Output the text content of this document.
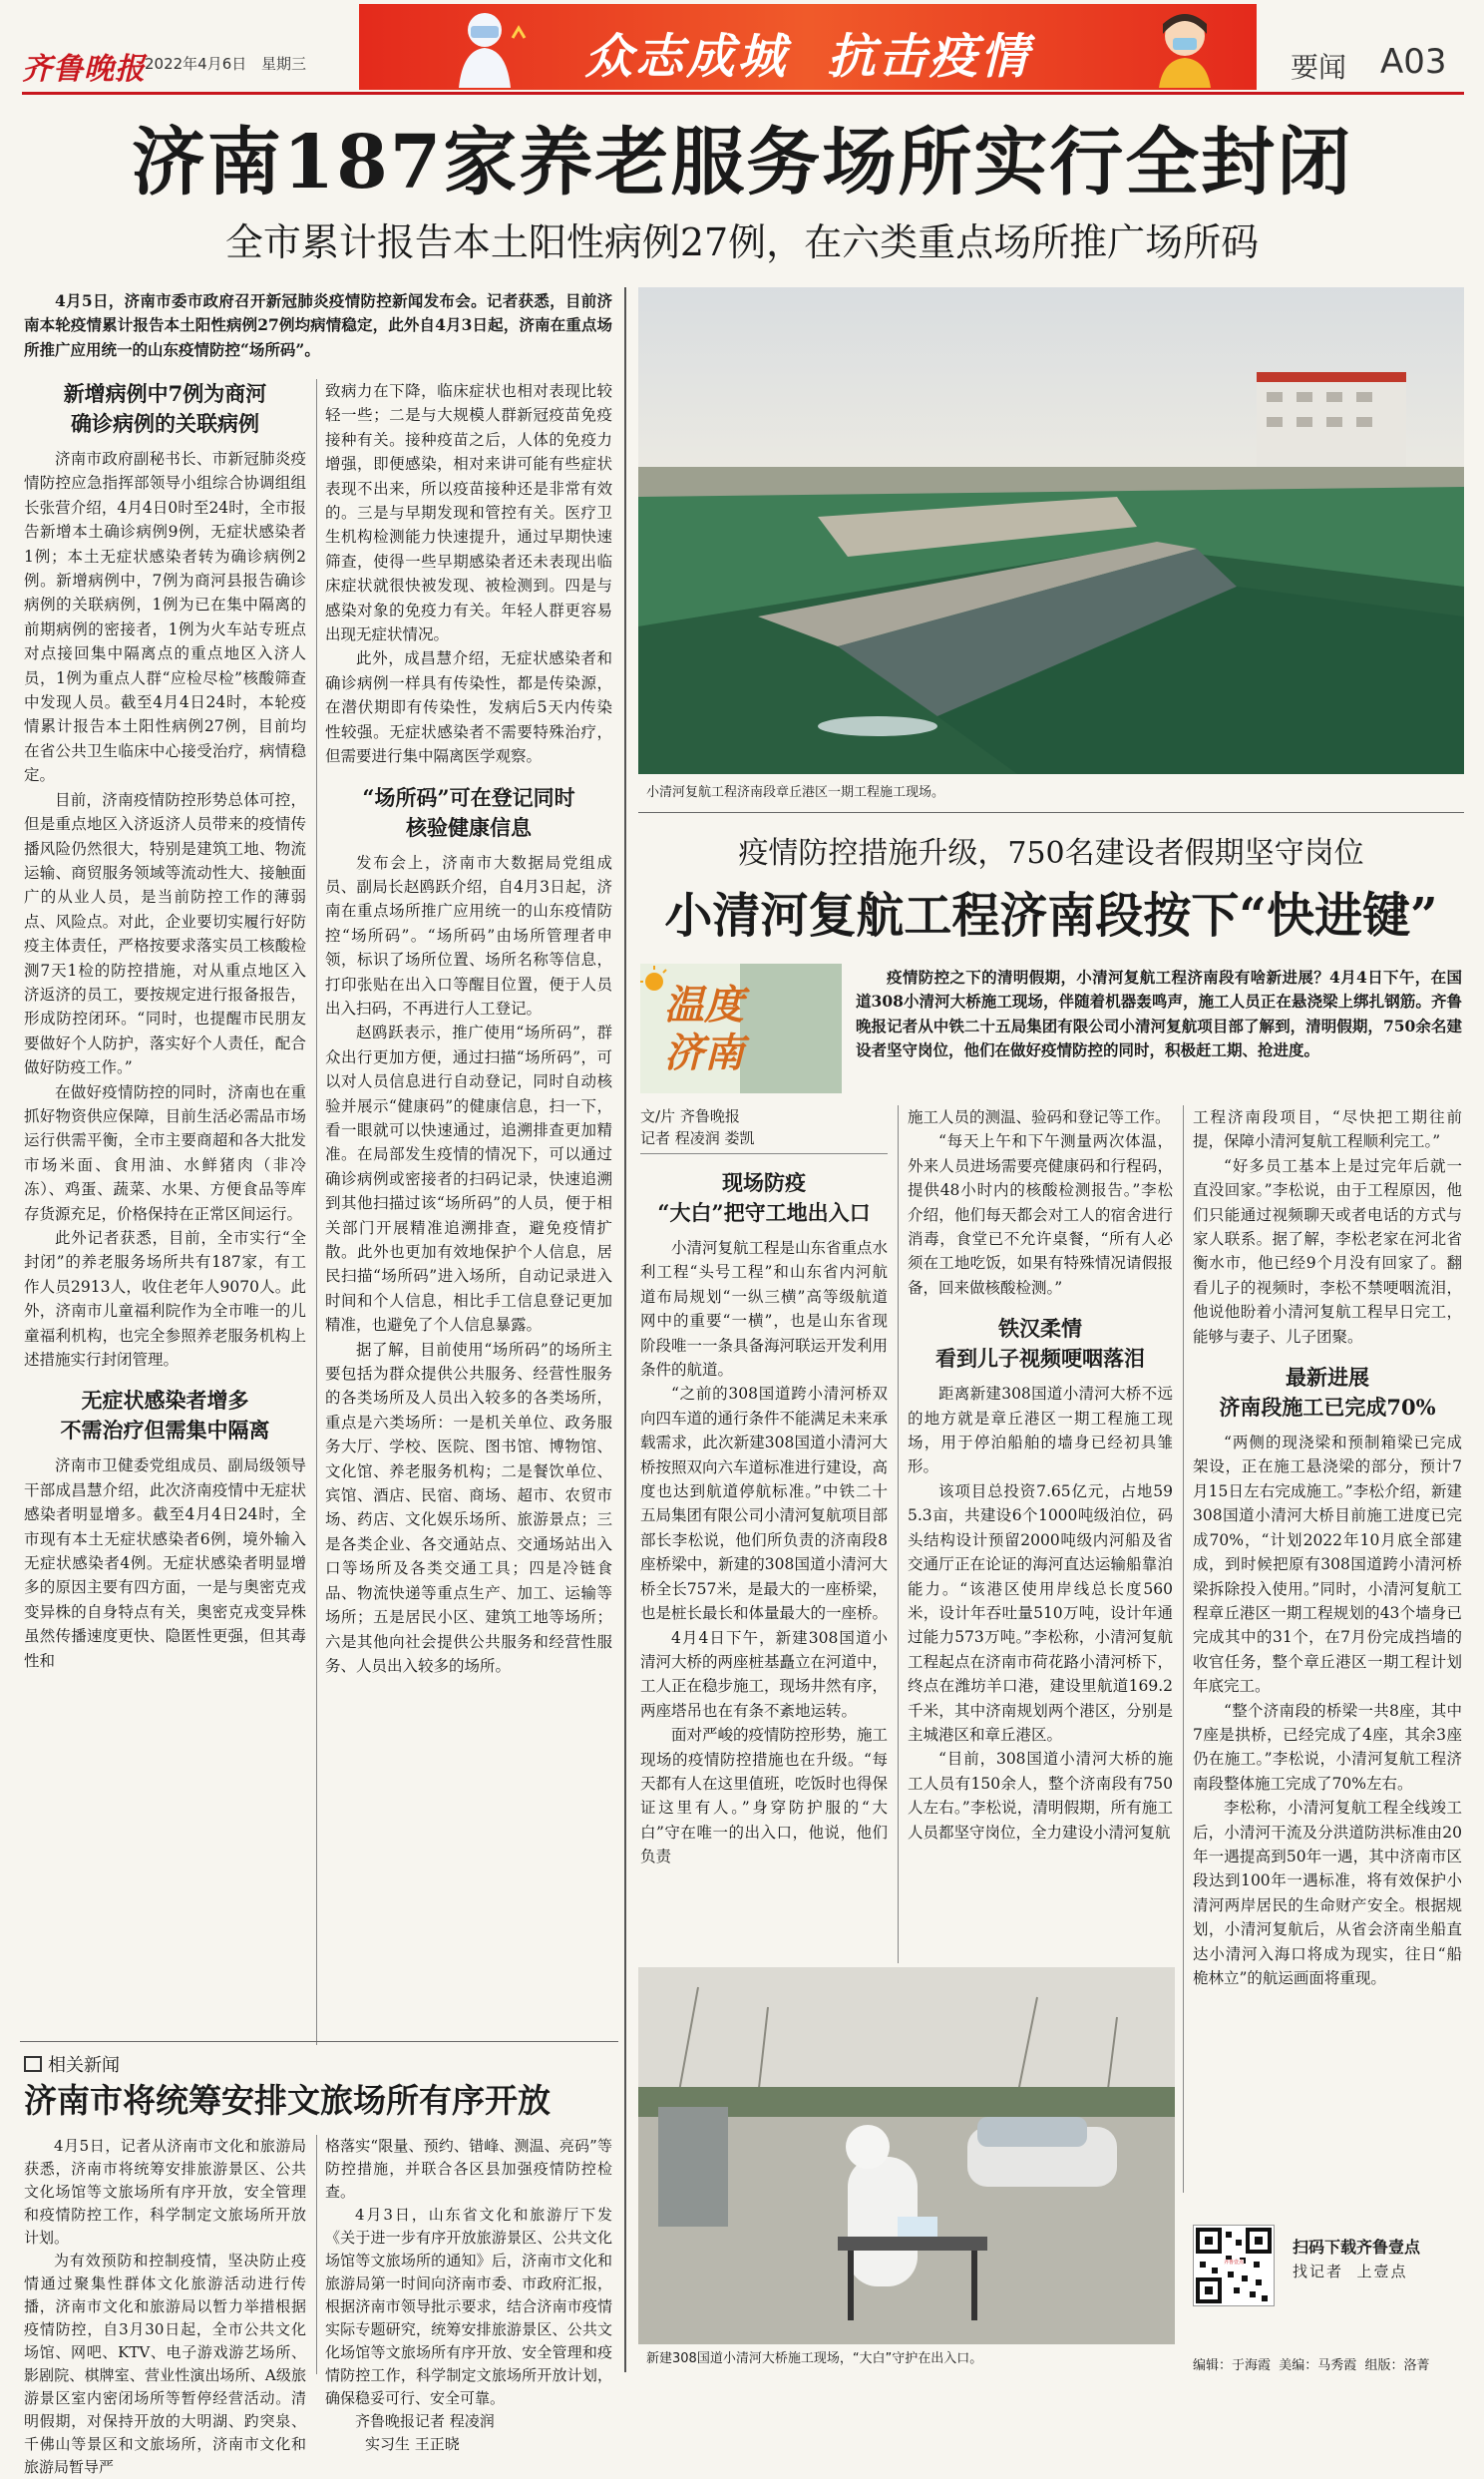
齐鲁晚报 2022年4月6日 星期三	众志成城  抗击疫情	要闻 A03
济南187家养老服务场所实行全封闭
全市累计报告本土阳性病例27例，在六类重点场所推广场所码

4月5日，济南市委市政府召开新冠肺炎疫情防控新闻发布会。记者获悉，目前济南本轮疫情累计报告本土阳性病例27例均病情稳定，此外自4月3日起，济南在重点场所推广应用统一的山东疫情防控“场所码”。

新增病例中7例为商河
确诊病例的关联病例

济南市政府副秘书长、市新冠肺炎疫情防控应急指挥部领导小组综合协调组组长张营介绍，4月4日0时至24时，全市报告新增本土确诊病例9例，无症状感染者1例；本土无症状感染者转为确诊病例2例。新增病例中，7例为商河县报告确诊病例的关联病例，1例为已在集中隔离的前期病例的密接者，1例为火车站专班点对点接回集中隔离点的重点地区入济人员，1例为重点人群“应检尽检”核酸筛查中发现人员。截至4月4日24时，本轮疫情累计报告本土阳性病例27例，目前均在省公共卫生临床中心接受治疗，病情稳定。

目前，济南疫情防控形势总体可控，但是重点地区入济返济人员带来的疫情传播风险仍然很大，特别是建筑工地、物流运输、商贸服务领域等流动性大、接触面广的从业人员，是当前防控工作的薄弱点、风险点。对此，企业要切实履行好防疫主体责任，严格按要求落实员工核酸检测7天1检的防控措施，对从重点地区入济返济的员工，要按规定进行报备报告，形成防控闭环。“同时，也提醒市民朋友要做好个人防护，落实好个人责任，配合做好防疫工作。”

在做好疫情防控的同时，济南也在重抓好物资供应保障，目前生活必需品市场运行供需平衡，全市主要商超和各大批发市场米面、食用油、水鲜猪肉（非冷冻）、鸡蛋、蔬菜、水果、方便食品等库存货源充足，价格保持在正常区间运行。

此外记者获悉，目前，全市实行“全封闭”的养老服务场所共有187家，有工作人员2913人，收住老年人9070人。此外，济南市儿童福利院作为全市唯一的儿童福利机构，也完全参照养老服务机构上述措施实行封闭管理。

无症状感染者增多
不需治疗但需集中隔离

济南市卫健委党组成员、副局级领导干部成昌慧介绍，此次济南疫情中无症状感染者明显增多。截至4月4日24时，全市现有本土无症状感染者6例，境外输入无症状感染者4例。无症状感染者明显增多的原因主要有四方面，一是与奥密克戎变异株的自身特点有关，奥密克戎变异株虽然传播速度更快、隐匿性更强，但其毒性和

致病力在下降，临床症状也相对表现比较轻一些；二是与大规模人群新冠疫苗免疫接种有关。接种疫苗之后，人体的免疫力增强，即便感染，相对来讲可能有些症状表现不出来，所以疫苗接种还是非常有效的。三是与早期发现和管控有关。医疗卫生机构检测能力快速提升，通过早期快速筛查，使得一些早期感染者还未表现出临床症状就很快被发现、被检测到。四是与感染对象的免疫力有关。年轻人群更容易出现无症状情况。

此外，成昌慧介绍，无症状感染者和确诊病例一样具有传染性，都是传染源，在潜伏期即有传染性，发病后5天内传染性较强。无症状感染者不需要特殊治疗，但需要进行集中隔离医学观察。

“场所码”可在登记同时
核验健康信息

发布会上，济南市大数据局党组成员、副局长赵鸥跃介绍，自4月3日起，济南在重点场所推广应用统一的山东疫情防控“场所码”。“场所码”由场所管理者申领，标识了场所位置、场所名称等信息，打印张贴在出入口等醒目位置，便于人员出入扫码，不再进行人工登记。

赵鸥跃表示，推广使用“场所码”，群众出行更加方便，通过扫描“场所码”，可以对人员信息进行自动登记，同时自动核验并展示“健康码”的健康信息，扫一下，看一眼就可以快速通过，追溯排查更加精准。在局部发生疫情的情况下，可以通过确诊病例或密接者的扫码记录，快速追溯到其他扫描过该“场所码”的人员，便于相关部门开展精准追溯排查，避免疫情扩散。此外也更加有效地保护个人信息，居民扫描“场所码”进入场所，自动记录进入时间和个人信息，相比手工信息登记更加精准，也避免了个人信息暴露。

据了解，目前使用“场所码”的场所主要包括为群众提供公共服务、经营性服务的各类场所及人员出入较多的各类场所，重点是六类场所：一是机关单位、政务服务大厅、学校、医院、图书馆、博物馆、文化馆、养老服务机构；二是餐饮单位、宾馆、酒店、民宿、商场、超市、农贸市场、药店、文化娱乐场所、旅游景点；三是各类企业、各交通站点、交通场站出入口等场所及各类交通工具；四是冷链食品、物流快递等重点生产、加工、运输等场所；五是居民小区、建筑工地等场所；六是其他向社会提供公共服务和经营性服务、人员出入较多的场所。

相关新闻
济南市将统筹安排文旅场所有序开放

4月5日，记者从济南市文化和旅游局获悉，济南市将统筹安排旅游景区、公共文化场馆等文旅场所有序开放，安全管理和疫情防控工作，科学制定文旅场所开放计划。

为有效预防和控制疫情，坚决防止疫情通过聚集性群体文化旅游活动进行传播，济南市文化和旅游局以暂力举措根据疫情防控，自3月30日起，全市公共文化场馆、网吧、KTV、电子游戏游艺场所、影剧院、棋牌室、营业性演出场所、A级旅游景区室内密闭场所等暂停经营活动。清明假期，对保持开放的大明湖、趵突泉、千佛山等景区和文旅场所，济南市文化和旅游局暂导严

格落实“限量、预约、错峰、测温、亮码”等防控措施，并联合各区县加强疫情防控检查。

4月3日，山东省文化和旅游厅下发《关于进一步有序开放旅游景区、公共文化场馆等文旅场所的通知》后，济南市文化和旅游局第一时间向济南市委、市政府汇报，根据济南市领导批示要求，结合济南市疫情实际专题研究，统筹安排旅游景区、公共文化场馆等文旅场所有序开放、安全管理和疫情防控工作，科学制定文旅场所开放计划，确保稳妥可行、安全可靠。

齐鲁晚报记者 程凌润
实习生 王正晓
小清河复航工程济南段章丘港区一期工程施工现场。
疫情防控措施升级，750名建设者假期坚守岗位
小清河复航工程济南段按下“快进键”
温度济南

疫情防控之下的清明假期，小清河复航工程济南段有啥新进展？4月4日下午，在国道308小清河大桥施工现场，伴随着机器轰鸣声，施工人员正在悬浇梁上绑扎钢筋。齐鲁晚报记者从中铁二十五局集团有限公司小清河复航项目部了解到，清明假期，750余名建设者坚守岗位，他们在做好疫情防控的同时，积极赶工期、抢进度。

文/片 齐鲁晚报
记者 程凌润 娄凯
现场防疫
“大白”把守工地出入口

小清河复航工程是山东省重点水利工程“头号工程”和山东省内河航道布局规划“一纵三横”高等级航道网中的重要“一横”，也是山东省现阶段唯一一条具备海河联运开发利用条件的航道。

“之前的308国道跨小清河桥双向四车道的通行条件不能满足未来承载需求，此次新建308国道小清河大桥按照双向六车道标准进行建设，高度也达到航道停航标准。”中铁二十五局集团有限公司小清河复航项目部部长李松说，他们所负责的济南段8座桥梁中，新建的308国道小清河大桥全长757米，是最大的一座桥梁，也是桩长最长和体量最大的一座桥。

4月4日下午，新建308国道小清河大桥的两座桩基矗立在河道中，工人正在稳步施工，现场井然有序，两座塔吊也在有条不紊地运转。

面对严峻的疫情防控形势，施工现场的疫情防控措施也在升级。“每天都有人在这里值班，吃饭时也得保证这里有人。”身穿防护服的“大白”守在唯一的出入口，他说，他们负责

施工人员的测温、验码和登记等工作。

“每天上午和下午测量两次体温，外来人员进场需要亮健康码和行程码，提供48小时内的核酸检测报告。”李松介绍，他们每天都会对工人的宿舍进行消毒，食堂已不允许桌餐，“所有人必须在工地吃饭，如果有特殊情况请假报备，回来做核酸检测。”

铁汉柔情
看到儿子视频哽咽落泪

距离新建308国道小清河大桥不远的地方就是章丘港区一期工程施工现场，用于停泊船舶的墙身已经初具雏形。

该项目总投资7.65亿元，占地595.3亩，共建设6个1000吨级泊位，码头结构设计预留2000吨级内河船及省交通厅正在论证的海河直达运输船靠泊能力。“该港区使用岸线总长度560米，设计年吞吐量510万吨，设计年通过能力573万吨。”李松称，小清河复航工程起点在济南市荷花路小清河桥下，终点在潍坊羊口港，建设里航道169.2千米，其中济南规划两个港区，分别是主城港区和章丘港区。

“目前，308国道小清河大桥的施工人员有150余人，整个济南段有750人左右。”李松说，清明假期，所有施工人员都坚守岗位，全力建设小清河复航

工程济南段项目，“尽快把工期往前提，保障小清河复航工程顺利完工。”

“好多员工基本上是过完年后就一直没回家。”李松说，由于工程原因，他们只能通过视频聊天或者电话的方式与家人联系。据了解，李松老家在河北省衡水市，他已经9个月没有回家了。翻看儿子的视频时，李松不禁哽咽流泪，他说他盼着小清河复航工程早日完工，能够与妻子、儿子团聚。

最新进展
济南段施工已完成70%

“两侧的现浇梁和预制箱梁已完成架设，正在施工悬浇梁的部分，预计7月15日左右完成施工。”李松介绍，新建308国道小清河大桥目前施工进度已完成70%，“计划2022年10月底全部建成，到时候把原有308国道跨小清河桥梁拆除投入使用。”同时，小清河复航工程章丘港区一期工程规划的43个墙身已完成其中的31个，在7月份完成挡墙的收官任务，整个章丘港区一期工程计划年底完工。

“整个济南段的桥梁一共8座，其中7座是拱桥，已经完成了4座，其余3座仍在施工。”李松说，小清河复航工程济南段整体施工完成了70%左右。

李松称，小清河复航工程全线竣工后，小清河干流及分洪道防洪标准由20年一遇提高到50年一遇，其中济南市区段达到100年一遇标准，将有效保护小清河两岸居民的生命财产安全。根据规划，小清河复航后，从省会济南坐船直达小清河入海口将成为现实，往日“船桅林立”的航运画面将重现。

新建308国道小清河大桥施工现场，“大白”守护在出入口。
齐鲁壹点
扫码下载齐鲁壹点
找记者  上壹点
编辑：于海霞  美编：马秀霞  组版：洛菁
